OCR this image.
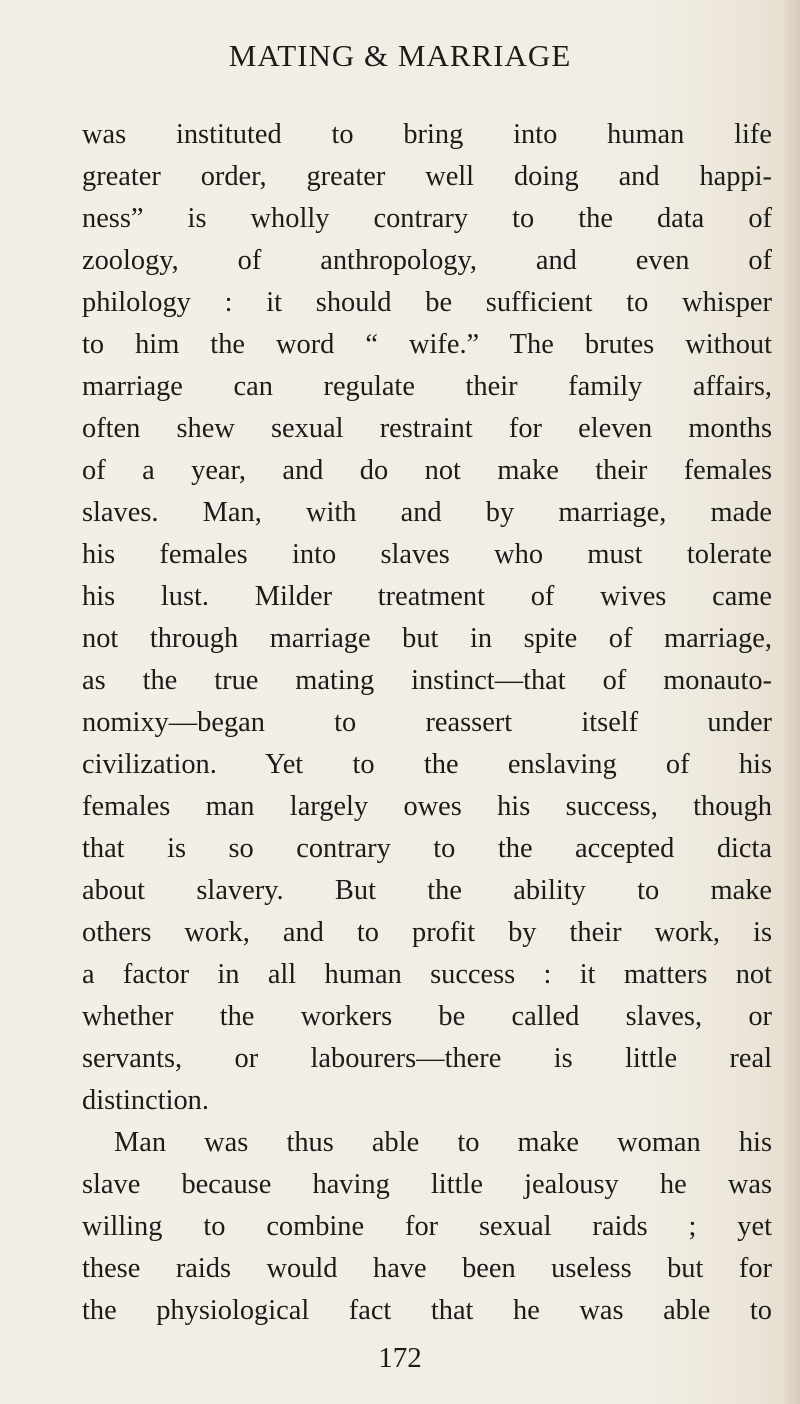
MATING & MARRIAGE
was instituted to bring into human life
greater order, greater well doing and happi-
ness” is wholly contrary to the data of
zoology, of anthropology, and even of
philology : it should be sufficient to whisper
to him the word “ wife.” The brutes without
marriage can regulate their family affairs,
often shew sexual restraint for eleven months
of a year, and do not make their females
slaves. Man, with and by marriage, made
his females into slaves who must tolerate
his lust. Milder treatment of wives came
not through marriage but in spite of marriage,
as the true mating instinct—that of monauto-
nomixy—began to reassert itself under
civilization. Yet to the enslaving of his
females man largely owes his success, though
that is so contrary to the accepted dicta
about slavery. But the ability to make
others work, and to profit by their work, is
a factor in all human success : it matters not
whether the workers be called slaves, or
servants, or labourers—there is little real
distinction.
Man was thus able to make woman his
slave because having little jealousy he was
willing to combine for sexual raids ; yet
these raids would have been useless but for
the physiological fact that he was able to
172
